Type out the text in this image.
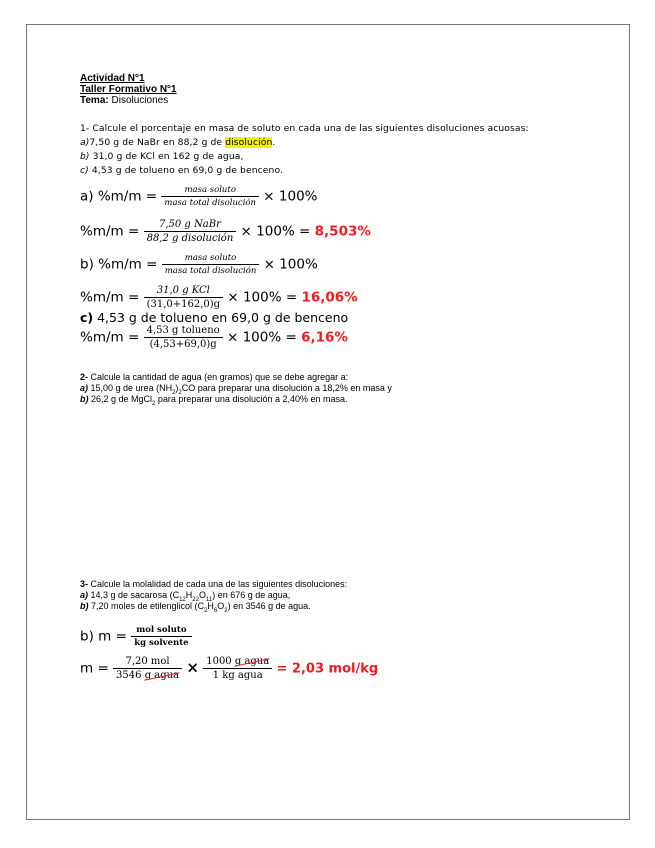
Actividad N°1
Taller Formativo N°1
Tema: Disoluciones
1- Calcule el porcentaje en masa de soluto en cada una de las siguientes disoluciones acuosas:
a)7,50 g de NaBr en 88,2 g de disolución.
b) 31,0 g de KCl en 162 g de agua,
c) 4,53 g de tolueno en 69,0 g de benceno.
a) $\%m/m = \frac{\text{masa soluto}}{\text{masa total disolución}} \times 100\%$
$\%m/m = \frac{\text{7,50 g NaBr}}{\text{88,2 g disolución}} \times 100\% = 8,503\%$
b) $\%m/m = \frac{\text{masa soluto}}{\text{masa total disolución}} \times 100\%$
$\%m/m = \frac{\text{31,0 g KCl}}{(31,0+162,0)g} \times 100\% = 16,06\%$
c) 4,53 g de tolueno en 69,0 g de benceno
$\%m/m = \frac{\text{4,53 g tolueno}}{(4,53+69,0)g} \times 100\% = 6,16\%$
2- Calcule la cantidad de agua (en gramos) que se debe agregar a:
a) 15,00 g de urea $(NH_2)_2CO$ para preparar una disolución a 18,2% en masa y
b) 26,2 g de MgCl$_2$ para preparar una disolución a 2,40% en masa.
3- Calcule la molalidad de cada una de las siguientes disoluciones:
a) 14,3 g de sacarosa $(C_{12}H_{22}O_{11})$ en 676 g de agua,
b) 7,20 moles de etilenglicol $(C_2H_6O_2)$ en 3546 g de agua.
b) $m = \frac{\text{mol soluto}}{\text{kg solvente}}$
$m = \frac{\text{7,20 mol}}{\text{3546 g agua}} \times \frac{\text{1000 g agua}}{\text{1 kg agua}} = 2,03$ mol/kg
